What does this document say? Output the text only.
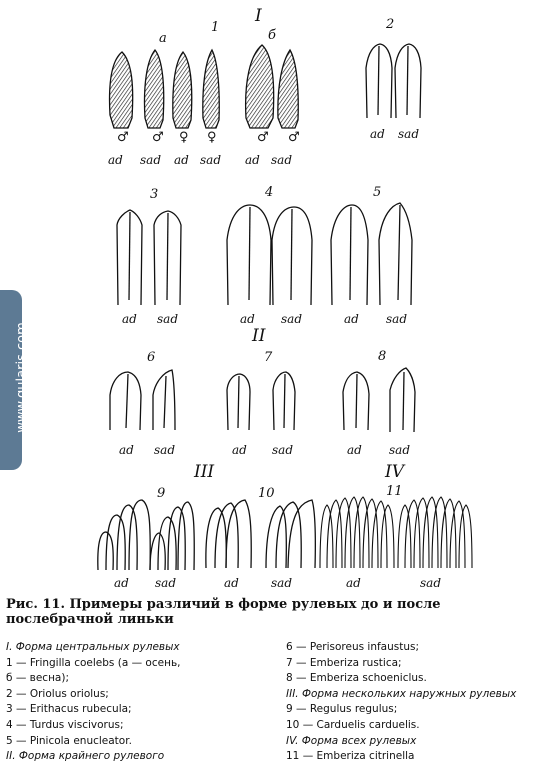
I
II
III	IV
1	2
3	4	5
6	7	8
9	10	11
а	б
♂ ♂ ♀ ♀	♂ ♂
ad sad ad sad ad sad
ad sad
ad sad	ad sad	ad sad
ad sad	ad sad	ad sad
ad sad	ad	sad	ad	sad
www.gularis.com
Рис. 11. Примеры различий в форме рулевых до и после послебрачной линьки
I. Форма центральных рулевых
1 — Fringilla coelebs (а — осень,
б — весна);
2 — Oriolus oriolus;
3 — Erithacus rubecula;
4 — Turdus viscivorus;
5 — Pinicola enucleator.
II. Форма крайнего рулевого
6 — Perisoreus infaustus;
7 — Emberiza rustica;
8 — Emberiza schoeniclus.
III. Форма нескольких наружных рулевых
9 — Regulus regulus;
10 — Carduelis carduelis.
IV. Форма всех рулевых
11 — Emberiza citrinella
